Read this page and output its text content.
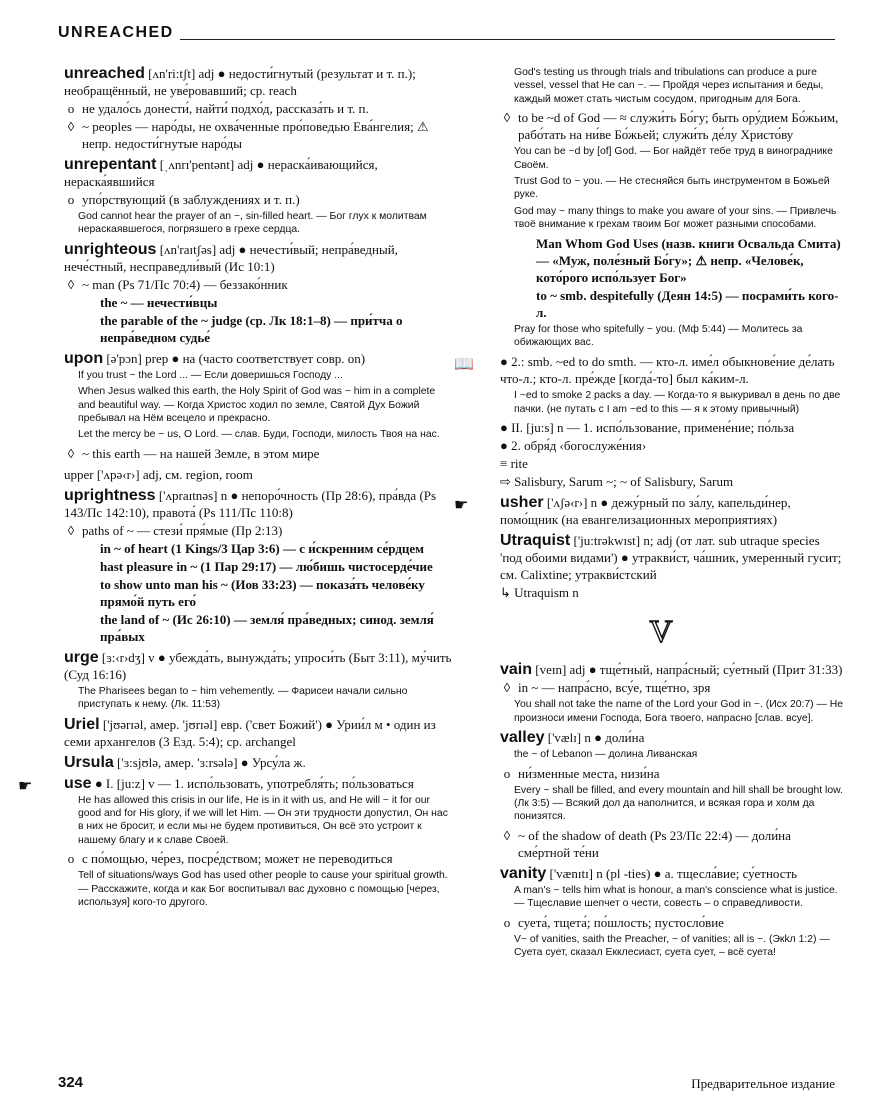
UNREACHED
unreached [ʌn'ri:tʃt] adj ● недости́гнутый (результат и т. п.); необращённый, не уве́ровавший; ср. reach
o не удало́сь донести́, найти́ подхо́д, рассказа́ть и т. п.
◊ ~ peoples — наро́ды, не охва́ченные про́поведью Ева́нгелия; ⚠ непр. недости́гнутые наро́ды
unrepentant [ˌʌnrɪ'pentənt] adj ● нераска́ивающийся, нераска́явшийся
o упо́рствующий (в заблуждениях и т. п.)
God cannot hear the prayer of an ~, sin-filled heart. — Бог глух к молитвам нераскаявшегося, погрязшего в грехе сердца.
unrighteous [ʌn'raɪtʃəs] adj ● нечести́вый; непра́ведный, нече́стный, несправедли́вый (Ис 10:1)
◊ ~ man (Ps 71/Пс 70:4) — беззако́нник
the ~ — нечести́вцы
the parable of the ~ judge (ср. Лк 18:1–8) — при́тча о непра́ведном судье́
upon [ə'pɔn] prep ● на (часто соответствует совр. on)
If you trust ~ the Lord ... — Если доверишься Господу ...
When Jesus walked this earth, the Holy Spirit of God was ~ him in a complete and beautiful way. — Когда Христос ходил по земле, Святой Дух Божий пребывал на Нём всецело и прекрасно.
Let the mercy be ~ us, O Lord. — слав. Буди, Господи, милость Твоя на нас.
◊ ~ this earth — на нашей Земле, в этом мире
upper ['ʌpə‹r›] adj, см. region, room
uprightness ['ʌpraɪtnəs] n ● непоро́чность (Пр 28:6), пра́вда (Ps 143/Пс 142:10), правота́ (Ps 111/Пс 110:8)
◊ paths of ~ — стези́ пря́мые (Пр 2:13)
in ~ of heart (1 Kings/3 Цар 3:6) — с и́скренним се́рдцем
hast pleasure in ~ (1 Пар 29:17) — лю́бишь чистосерде́чие
to show unto man his ~ (Иов 33:23) — показа́ть челове́ку прямо́й путь его́
the land of ~ (Ис 26:10) — земля́ пра́ведных; синод. земля́ пра́вых
urge [ɜ:‹r›dʒ] v ● убежда́ть, вынужда́ть; упроси́ть (Быт 3:11), му́чить (Суд 16:16)
The Pharisees began to ~ him vehemently. — Фарисеи начали сильно приступать к нему. (Лк. 11:53)
Uriel ['jʊərɪəl, амер. 'jʊrɪəl] евр. ('свет Божий') ● Урии́л м • один из семи архангелов (3 Езд. 5:4); ср. archangel
Ursula ['ɜ:sjʊlə, амер. 'ɜ:rsələ] ● Урсу́ла ж.
☛	use ● I. [ju:z] v — 1. испо́льзовать, употребля́ть; по́льзоваться
He has allowed this crisis in our life, He is in it with us, and He will ~ it for our good and for His glory, if we will let Him. — Он эти трудности допустил, Он нас в них не бросит, и если мы не будем противиться, Он всё это устроит к нашему благу и к славе Своей.
o с по́мощью, че́рез, посре́дством; может не переводиться
Tell of situations/ways God has used other people to cause your spiritual growth. — Расскажите, когда и как Бог воспитывал вас духовно с помощью [через, используя] кого-то другого.
God's testing us through trials and tribulations can produce a pure vessel, vessel that He can ~. — Пройдя через испытания и беды, каждый может стать чистым сосудом, пригодным для Бога.
◊ to be ~d of God — ≈ служи́ть Бо́гу; быть ору́дием Бо́жьим, рабо́тать на ни́ве Бо́жьей; служи́ть де́лу Христо́ву
You can be ~d by [of] God. — Бог найдёт тебе труд в винограднике Своём.
Trust God to ~ you. — Не стесняйся быть инструментом в Божьей руке.
God may ~ many things to make you aware of your sins. — Привлечь твоё внимание к грехам твоим Бог может разными способами.
Man Whom God Uses (назв. книги Освальда Смита) — «Муж, поле́зный Бо́гу»; ⚠ непр. «Челове́к, кото́рого испо́льзует Бог»
to ~ smb. despitefully (Деян 14:5) — посрами́ть кого-л.
Pray for those who spitefully ~ you. (Мф 5:44) — Молитесь за обижающих вас.
📖 ● 2.: smb. ~ed to do smth. — кто-л. име́л обыкнове́ние де́лать что-л.; кто-л. пре́жде [когда́-то] был ка́ким-л.
I ~ed to smoke 2 packs a day. — Когда-то я выкуривал в день по две пачки. (не путать с I am ~ed to this — я к этому привычный)
● II. [ju:s] n — 1. испо́льзование, примене́ние; по́льза
● 2. обря́д ‹богослуже́ния›
≡ rite
⇨ Salisbury, Sarum ~; ~ of Salisbury, Sarum
☛	usher ['ʌʃə‹r›] n ● дежу́рный по за́лу, капельди́нер, помо́щник (на евангелизационных мероприятиях)
Utraquist ['ju:trəkwɪst] n; adj (от лат. sub utraque species 'под обоими видами') ● утракви́ст, ча́шник, умеренный гусит; см. Calixtine; утракви́стский
↳ Utraquism n
V
vain [veɪn] adj ● тще́тный, напра́сный; су́етный (Прит 31:33)
◊ in ~ — напра́сно, всу́е, тще́тно, зря
You shall not take the name of the Lord your God in ~. (Исх 20:7) — Не произноси имени Господа, Бога твоего, напрасно [слав. всуе].
valley ['vælɪ] n ● доли́на
the ~ of Lebanon — долина Ливанская
o ни́зменные места, низи́на
Every ~ shall be filled, and every mountain and hill shall be brought low. (Лк 3:5) — Всякий дол да наполнится, и всякая гора и холм да понизятся.
◊ ~ of the shadow of death (Ps 23/Пс 22:4) — доли́на сме́ртной те́ни
vanity ['vænɪtɪ] n (pl -ties) ● a. тщесла́вие; су́етность
A man's ~ tells him what is honour, a man's conscience what is justice. — Тщеславие шепчет о чести, совесть – о справедливости.
o суета́, тщета́; по́шлость; пустосло́вие
V~ of vanities, saith the Preacher, ~ of vanities; all is ~. (Экkл 1:2) — Суета сует, сказал Екклесиаст, суета сует, – всё суета!
324	Предварительное издание
